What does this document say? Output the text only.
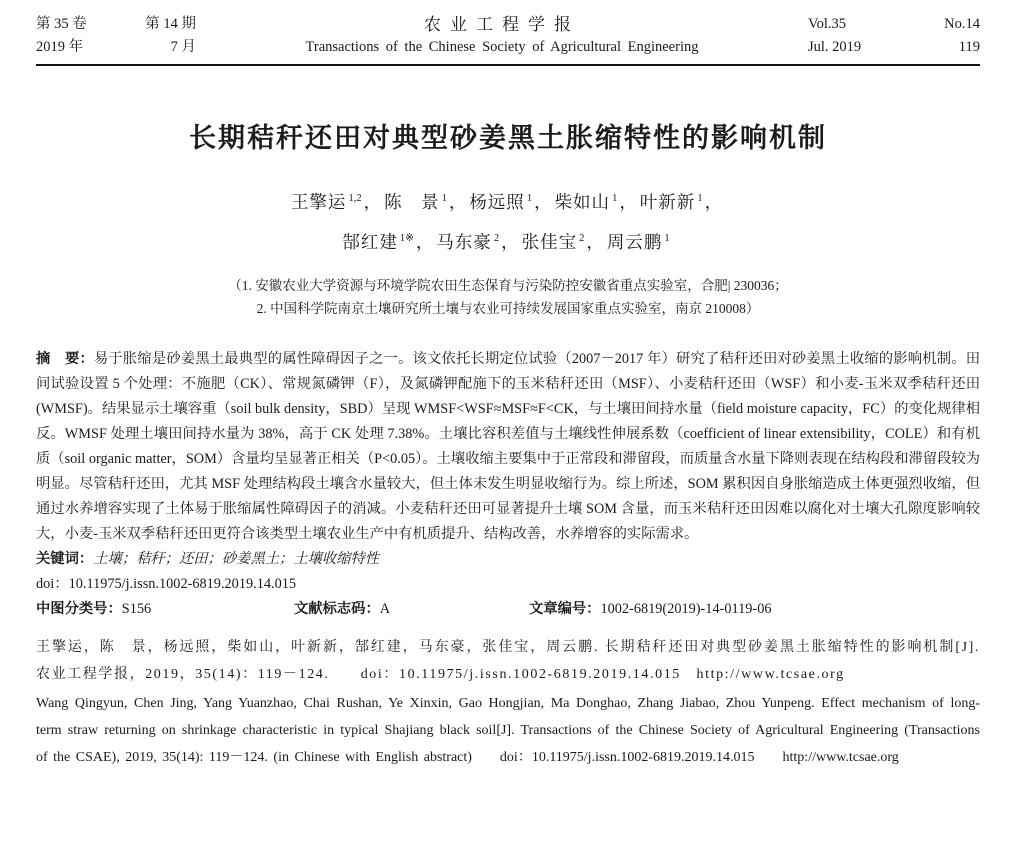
第 35 卷	第 14 期
2019 年	7 月
农业工程学报
Transactions of the Chinese Society of Agricultural Engineering
Vol.35	No.14
Jul. 2019	119
长期秸秆还田对典型砂姜黑土胀缩特性的影响机制
王擎运 $^{1,2}$ ， 陈　景 $^1$ ， 杨远照 $^1$ ， 柴如山 $^1$ ， 叶新新 $^1$ ，
郜红建 $^{1※}$ ， 马东豪 $^2$ ， 张佳宝 $^2$ ， 周云鹏 $^1$
（1. 安徽农业大学资源与环境学院农田生态保育与污染防控安徽省重点实验室，合肥| 230036；
2. 中国科学院南京土壤研究所土壤与农业可持续发展国家重点实验室，南京 210008）

摘　要：易于胀缩是砂姜黑土最典型的属性障碍因子之一。该文依托长期定位试验（2007－2017 年）研究了秸秆还田对砂姜黑土收缩的影响机制。田间试验设置 5 个处理：不施肥（CK）、常规氮磷钾（F），及氮磷钾配施下的玉米秸秆还田（MSF）、小麦秸秆还田（WSF）和小麦-玉米双季秸秆还田(WMSF)。结果显示土壤容重（soil bulk density，SBD）呈现 WMSF<WSF≈MSF≈F<CK，与土壤田间持水量（field moisture capacity，FC）的变化规律相反。WMSF 处理土壤田间持水量为 38%，高于 CK 处理 7.38%。土壤比容积差值与土壤线性伸展系数（coefficient of linear extensibility，COLE）和有机质（soil organic matter，SOM）含量均呈显著正相关（P<0.05）。土壤收缩主要集中于正常段和滞留段，而质量含水量下降则表现在结构段和滞留段较为明显。尽管秸秆还田，尤其 MSF 处理结构段土壤含水量较大，但土体未发生明显收缩行为。综上所述，SOM 累积因自身胀缩造成土体更强烈收缩，但通过水养增容实现了土体易于胀缩属性障碍因子的消减。小麦秸秆还田可显著提升土壤 SOM 含量，而玉米秸秆还田因难以腐化对土壤大孔隙度影响较大，小麦-玉米双季秸秆还田更符合该类型土壤农业生产中有机质提升、结构改善，水养增容的实际需求。

关键词：土壤；秸秆；还田；砂姜黑土；土壤收缩特性
doi：10.11975/j.issn.1002-6819.2019.14.015
中图分类号：S156	文献标志码：A	文章编号：1002-6819(2019)-14-0119-06

王擎运，陈　景，杨远照，柴如山，叶新新，郜红建，马东豪，张佳宝，周云鹏. 长期秸秆还田对典型砂姜黑土胀缩特性的影响机制[J]. 农业工程学报，2019，35(14)：119－124.　　doi：10.11975/j.issn.1002-6819.2019.14.015　http://www.tcsae.org

Wang Qingyun, Chen Jing, Yang Yuanzhao, Chai Rushan, Ye Xinxin, Gao Hongjian, Ma Donghao, Zhang Jiabao, Zhou Yunpeng. Effect mechanism of long-term straw returning on shrinkage characteristic in typical Shajiang black soil[J]. Transactions of the Chinese Society of Agricultural Engineering (Transactions of the CSAE), 2019, 35(14): 119－124. (in Chinese with English abstract)　　doi：10.11975/j.issn.1002-6819.2019.14.015　　http://www.tcsae.org
